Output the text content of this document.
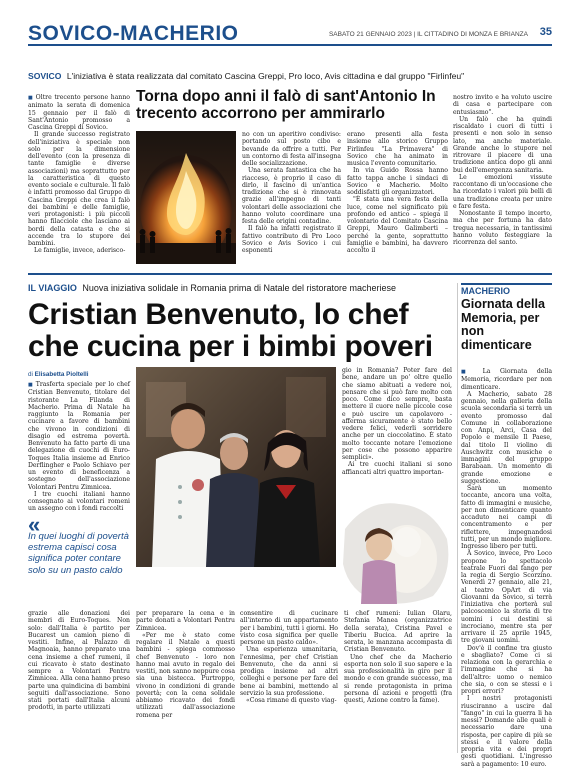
SOVICO-MACHERIO	SABATO 21 GENNAIO 2023 | IL CITTADINO DI MONZA E BRIANZA 35
SOVICO L'iniziativa è stata realizzata dal comitato Cascina Greppi, Pro loco, Avis cittadina e dal gruppo "Firlinfeu"

■ Oltre trecento persone hanno animato la serata di domenica 15 gennaio per il falò di Sant'Antonio promosso a Cascina Greppi di Sovico.

Il grande successo registrato dell'iniziativa è speciale non solo per la dimensione dell'evento (con la presenza di tante famiglie e diverse associazioni) ma soprattutto per la caratteristica di questo evento sociale e culturale. Il falò è infatti promosso dal Gruppo di Cascina Greppi che crea il falò dei bambini e delle famiglie, veri protagonisti: i più piccoli hanno filacciole che lasciano ai bordi della catasta e che si accende tra lo stupore dei bambini.

Le famiglie, invece, aderisco-

Torna dopo anni il falò di sant'Antonio In trecento accorrono per ammirarlo

no con un aperitivo condiviso: portando sul posto cibo e bevande da offrire a tutti. Per un contorno di festa all'insegna delle socializzazione.

Una serata fantastica che ha riacceso, è proprio il caso di dirlo, il fascino di un'antica tradizione che si è rinnovata grazie all'impegno di tanti volontari delle associazioni che hanno voluto coordinare una festa delle origini contadine.

Il falò ha infatti registrato il fattivo contributo di Pro Loco Sovico e Avis Sovico i cui esponenti

erano presenti alla festa insieme allo storico Gruppo Firlinfeu "La Primavera" di Sovico che ha animato in musica l'evento comunitario.

In via Guido Rossa hanno fatto tappa anche i sindaci di Sovico e Macherio. Molto soddisfatti gli organizzatori.

"È stata una vera festa della luce, come nel significato più profondo ed antico – spiega il volontario del Comitato Cascina Greppi, Mauro Galimberti – perché la gente, soprattutto famiglie e bambini, ha davvero accolto il

nostro invito e ha voluto uscire di casa e partecipare con entusiasmo".

Un falò che ha quindi riscaldato i cuori di tutti i presenti e non solo in senso lato, ma anche materiale. Grande anche lo stupore nel ritrovare il piacere di una tradizione antica dopo gli anni bui dell'emergenza sanitaria.

Le emozioni vissute raccontano di un'occasione che ha ricordato i valori più belli di una tradizione creata per unire e fare festa.

Nonostante il tempo incerto, ma che per fortuna ha dato tregua necessaria, in tantissimi hanno voluto festeggiare la ricorrenza del santo.

IL VIAGGIO Nuova iniziativa solidale in Romania prima di Natale del ristoratore macheriese
Cristian Benvenuto, lo chef che cucina per i bimbi poveri
di Elisabetta Pioltelli

■ Trasferta speciale per lo chef Cristian Benvenuto, titolare del ristorante La Filanda di Macherio. Prima di Natale ha raggiunto la Romania per cucinare a favore di bambini che vivono in condizioni di disagio ed estrema povertà. Benvenuto ha fatto parte di una delegazione di cuochi di Euro-Toques Italia insieme ad Enrico Derflingher e Paolo Schiavo per un evento di beneficenza a sostegno dell'associazione Volontari Pentru Zimnicea.

I tre cuochi italiani hanno consegnato ai volontari romeni un assegno con i fondi raccolti

«
In quei luoghi di povertà estrema capisci cosa significa poter contare solo su un pasto caldo

grazie alle donazioni dei membri di Euro-Toques. Non solo: dall'Italia è partito per Bucarest un camion pieno di vestiti. Infine, al Palazzo di Magnoaia, hanno preparato una cena insieme a chef rumeni, il cui ricavato è stato destinato sempre a Volontari Pentru Zimnicea. Alla cena hanno preso parte una quindicina di bambini seguiti dall'associazione. Sono stati portati dall'Italia alcuni prodotti, in parte utilizzati

gio in Romania? Poter fare del bene, andare un po' oltre quello che siamo abituati a vedere noi, pensare che si può fare molto con poco. Come dico sempre, basta mettere il cuore nelle piccole cose e può uscire un capolavoro - afferma sicuramente è stato bello vedere felici, vederli sorridere anche per un cioccolatino. È stato molto toccante notare l'emozione per cose che possono apparire semplici».

Ai tre cuochi italiani si sono affiancati altri quattro importan-

per preparare la cena e in parte donati a Volontari Pentru Zimnicea.

«Per me è stato come regalare il Natale a questi bambini - spiega commosso chef Benvenuto - loro non hanno mai avuto in regalo dei vestiti, non sanno neppure cosa sia una bistecca. Purtroppo, vivono in condizioni di grande povertà; con la cena solidale abbiamo ricavato dei fondi utilizzati dall'associazione romena per

consentire di cucinare all'interno di un appartamento per i bambini, tutti i giorni. Ho visto cosa significa per quelle persone un pasto caldo».

Una esperienza umanitaria, l'ennesima, per chef Cristian Benvenuto, che da anni si prodiga insieme ad altri colleghi e persone per fare del bene ai bambini, mettendo al servizio la sua professione.

«Cosa rimane di questo viag-

ti chef rumeni: Iulian Olaru, Stefania Manea (organizzatrice della serata), Cristina Pavel e Tiberiu Bucica. Ad aprire la serata, le manzana accompasta di Cristian Benvenuto.

Uno chef che da Macherio esporta non solo il suo sapere e la sua professionalità in giro per il mondo e con grande successo, ma si rende protagonista in prima persona di azioni e progetti (fra questi, Azione contro la fame).

MACHERIO
Giornata della Memoria, per non dimenticare

■ La Giornata della Memoria, ricordare per non dimenticare.

A Macherio, sabato 28 gennaio, nella galleria della scuola secondaria si terrà un evento promosso dal Comune in collaborazione con Anpi, Arci, Casa del Popolo e mensile Il Paese, dal titolo Il violino di Auschwitz con musiche e immagini del gruppo Barabaan. Un momento di grande emozione e suggestione.

Sarà un momento toccante, ancora una volta, fatto di immagini e musiche, per non dimenticare quanto accaduto nei campi di concentramento e per riflettere, impegnandosi tutti, per un mondo migliore. Ingresso libero per tutti.

A Sovico, invece, Pro Loco propone lo spettacolo teatrale Fuori dal fango per la regia di Sergio Scorzino. Venerdì 27 gennaio, alle 21, al teatro OpArt di via Giovanni da Sovico, si terrà l'iniziativa che porterà sul palcoscenico la storia di tre uomini i cui destini si incrociano, mentre sta per arrivare il 25 aprile 1945, tre giovani uomini.

Dov'è il confine tra giusto e sbagliato? Come ci si relaziona con la gerarchia e l'immagine che si ha dell'altro: uomo o nemico che sia, o con se stessi e i propri errori?

I nostri protagonisti riusciranno a uscire dal "fango" in cui la guerra li ha messi? Domande alle quali è necessario dare una risposta, per capire di più se stessi e il valore della propria vita e dei propri gesti quotidiani. L'ingresso sarà a pagamento: 10 euro.
